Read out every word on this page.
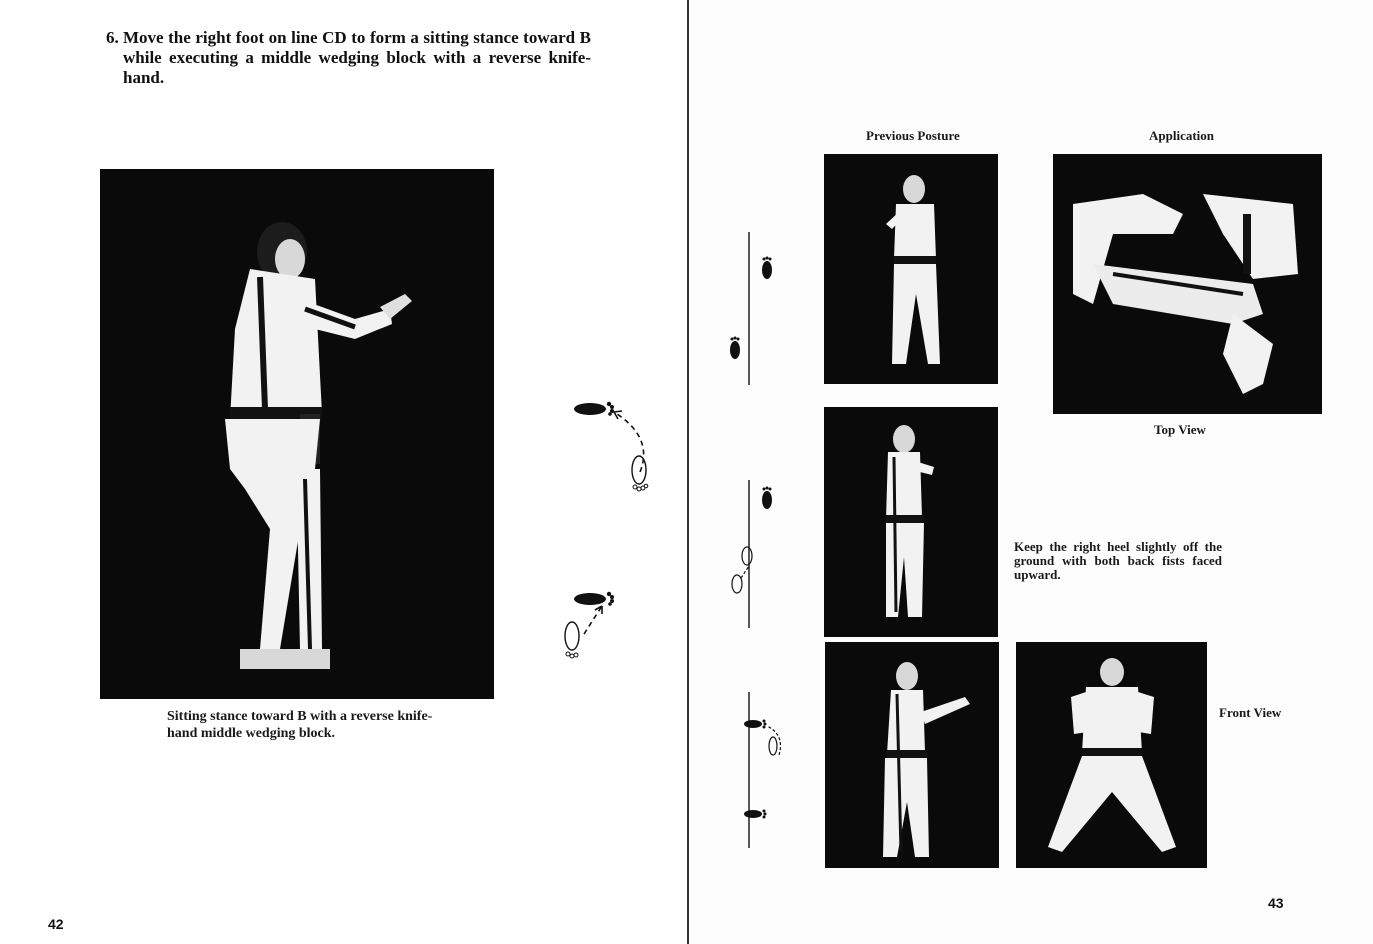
6. Move the right foot on line CD to form a sitting stance toward B while executing a middle wedging block with a reverse knife-hand.

Sitting stance toward B with a reverse knife-hand middle wedging block.

42
Previous Posture	Application
Top View

Keep the right heel slightly off the ground with both back fists faced upward.

Front View
43
